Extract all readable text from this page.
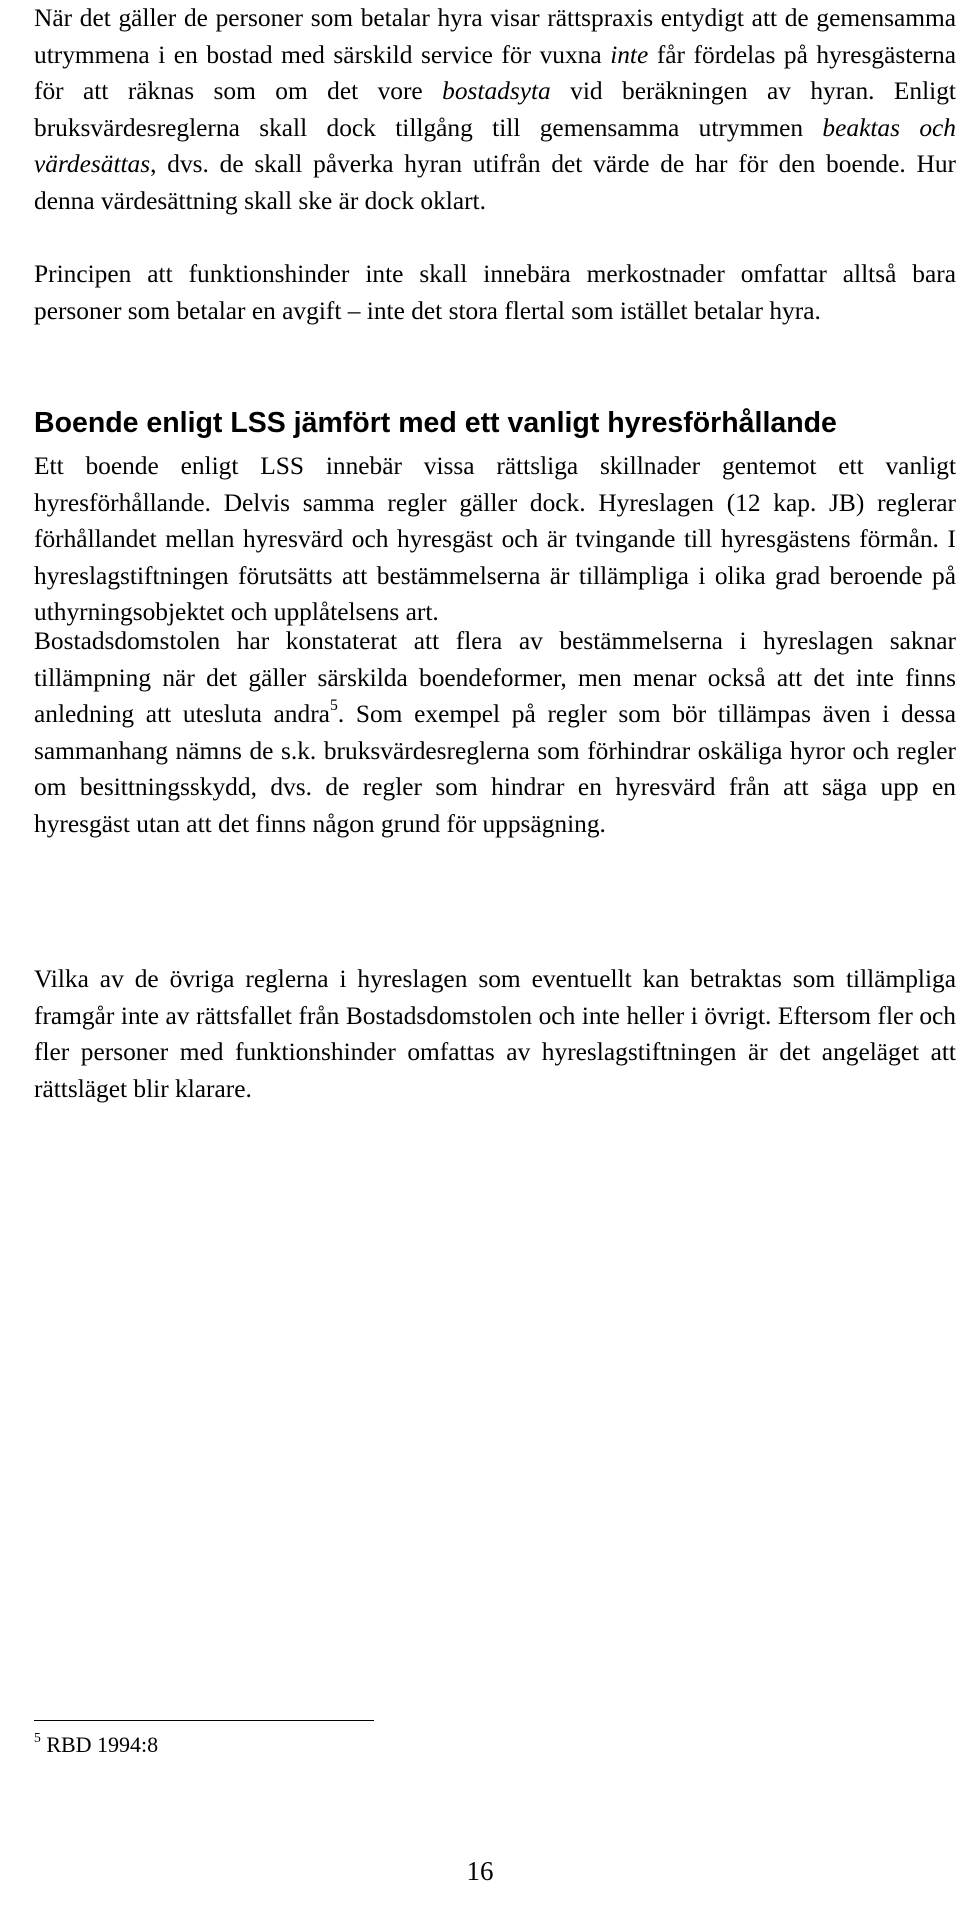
När det gäller de personer som betalar hyra visar rättspraxis entydigt att de gemensamma utrymmena i en bostad med särskild service för vuxna inte får fördelas på hyresgästerna för att räknas som om det vore bostadsyta vid beräkningen av hyran. Enligt bruksvärdesreglerna skall dock tillgång till gemensamma utrymmen beaktas och värdesättas, dvs. de skall påverka hyran utifrån det värde de har för den boende. Hur denna värdesättning skall ske är dock oklart.

Principen att funktionshinder inte skall innebära merkostnader omfattar alltså bara personer som betalar en avgift – inte det stora flertal som istället betalar hyra.

Boende enligt LSS jämfört med ett vanligt hyresförhållande

Ett boende enligt LSS innebär vissa rättsliga skillnader gentemot ett vanligt hyresförhållande. Delvis samma regler gäller dock. Hyreslagen (12 kap. JB) reglerar förhållandet mellan hyresvärd och hyresgäst och är tvingande till hyresgästens förmån. I hyreslagstiftningen förutsätts att bestämmelserna är tillämpliga i olika grad beroende på uthyrningsobjektet och upplåtelsens art.

Bostadsdomstolen har konstaterat att flera av bestämmelserna i hyreslagen saknar tillämpning när det gäller särskilda boendeformer, men menar också att det inte finns anledning att utesluta andra$^5$. Som exempel på regler som bör tillämpas även i dessa sammanhang nämns de s.k. bruksvärdesreglerna som förhindrar oskäliga hyror och regler om besittningsskydd, dvs. de regler som hindrar en hyresvärd från att säga upp en hyresgäst utan att det finns någon grund för uppsägning.

Vilka av de övriga reglerna i hyreslagen som eventuellt kan betraktas som tillämpliga framgår inte av rättsfallet från Bostadsdomstolen och inte heller i övrigt. Eftersom fler och fler personer med funktionshinder omfattas av hyreslagstiftningen är det angeläget att rättsläget blir klarare.

$^5$ RBD 1994:8

16
